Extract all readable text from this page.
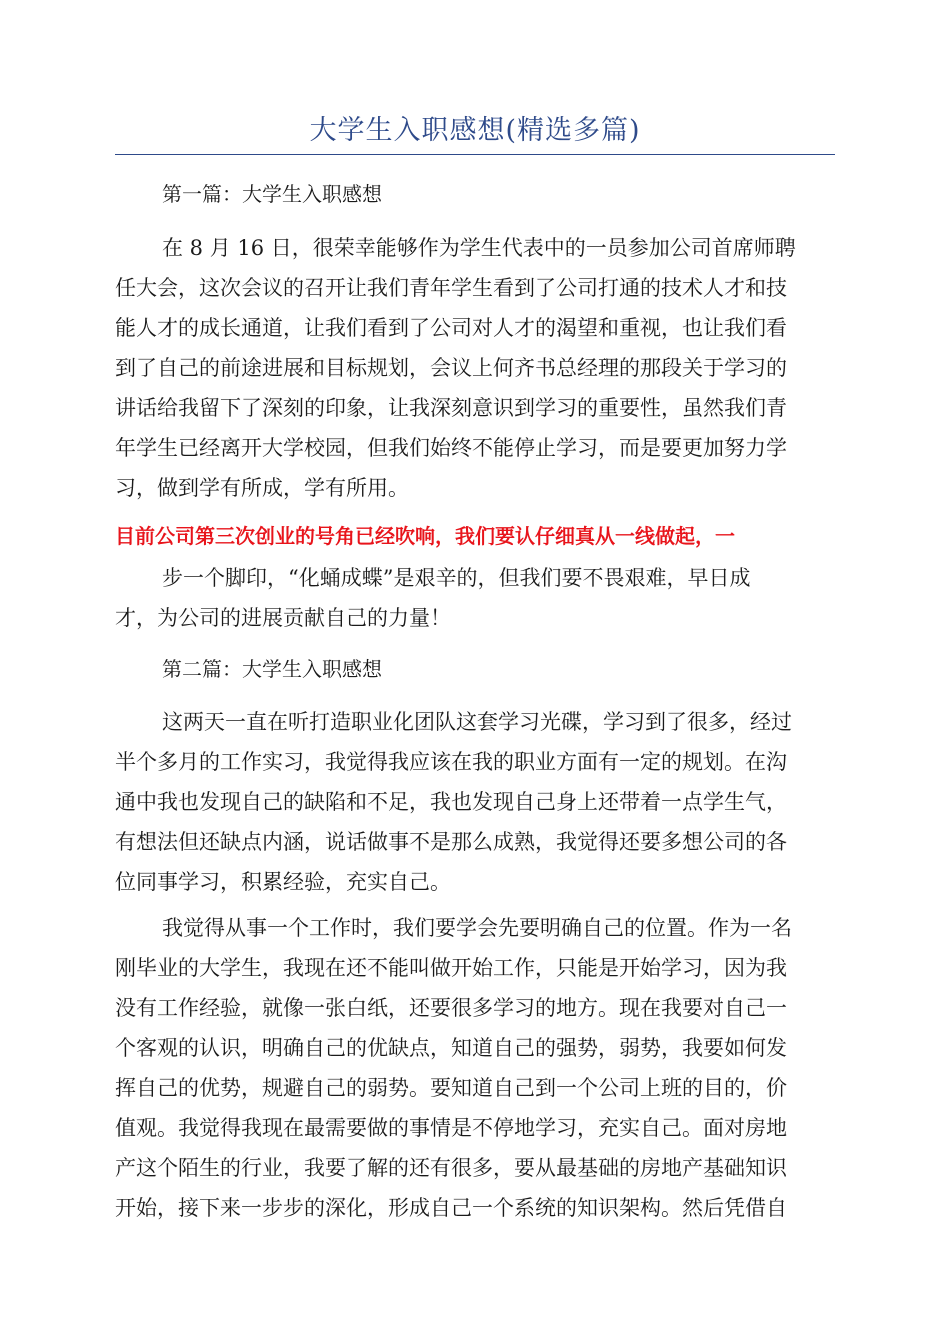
大学生入职感想(精选多篇)
第一篇：大学生入职感想
在 8 月 16 日，很荣幸能够作为学生代表中的一员参加公司首席师聘
任大会，这次会议的召开让我们青年学生看到了公司打通的技术人才和技
能人才的成长通道，让我们看到了公司对人才的渴望和重视，也让我们看
到了自己的前途进展和目标规划，会议上何齐书总经理的那段关于学习的
讲话给我留下了深刻的印象，让我深刻意识到学习的重要性，虽然我们青
年学生已经离开大学校园，但我们始终不能停止学习，而是要更加努力学
习，做到学有所成，学有所用。
目前公司第三次创业的号角已经吹响，我们要认仔细真从一线做起，一
步一个脚印，“化蛹成蝶”是艰辛的，但我们要不畏艰难，早日成
才，为公司的进展贡献自己的力量！
第二篇：大学生入职感想
这两天一直在听打造职业化团队这套学习光碟，学习到了很多，经过
半个多月的工作实习，我觉得我应该在我的职业方面有一定的规划。在沟
通中我也发现自己的缺陷和不足，我也发现自己身上还带着一点学生气，
有想法但还缺点内涵，说话做事不是那么成熟，我觉得还要多想公司的各
位同事学习，积累经验，充实自己。
我觉得从事一个工作时，我们要学会先要明确自己的位置。作为一名
刚毕业的大学生，我现在还不能叫做开始工作，只能是开始学习，因为我
没有工作经验，就像一张白纸，还要很多学习的地方。现在我要对自己一
个客观的认识，明确自己的优缺点，知道自己的强势，弱势，我要如何发
挥自己的优势，规避自己的弱势。要知道自己到一个公司上班的目的，价
值观。我觉得我现在最需要做的事情是不停地学习，充实自己。面对房地
产这个陌生的行业，我要了解的还有很多，要从最基础的房地产基础知识
开始，接下来一步步的深化，形成自己一个系统的知识架构。然后凭借自
